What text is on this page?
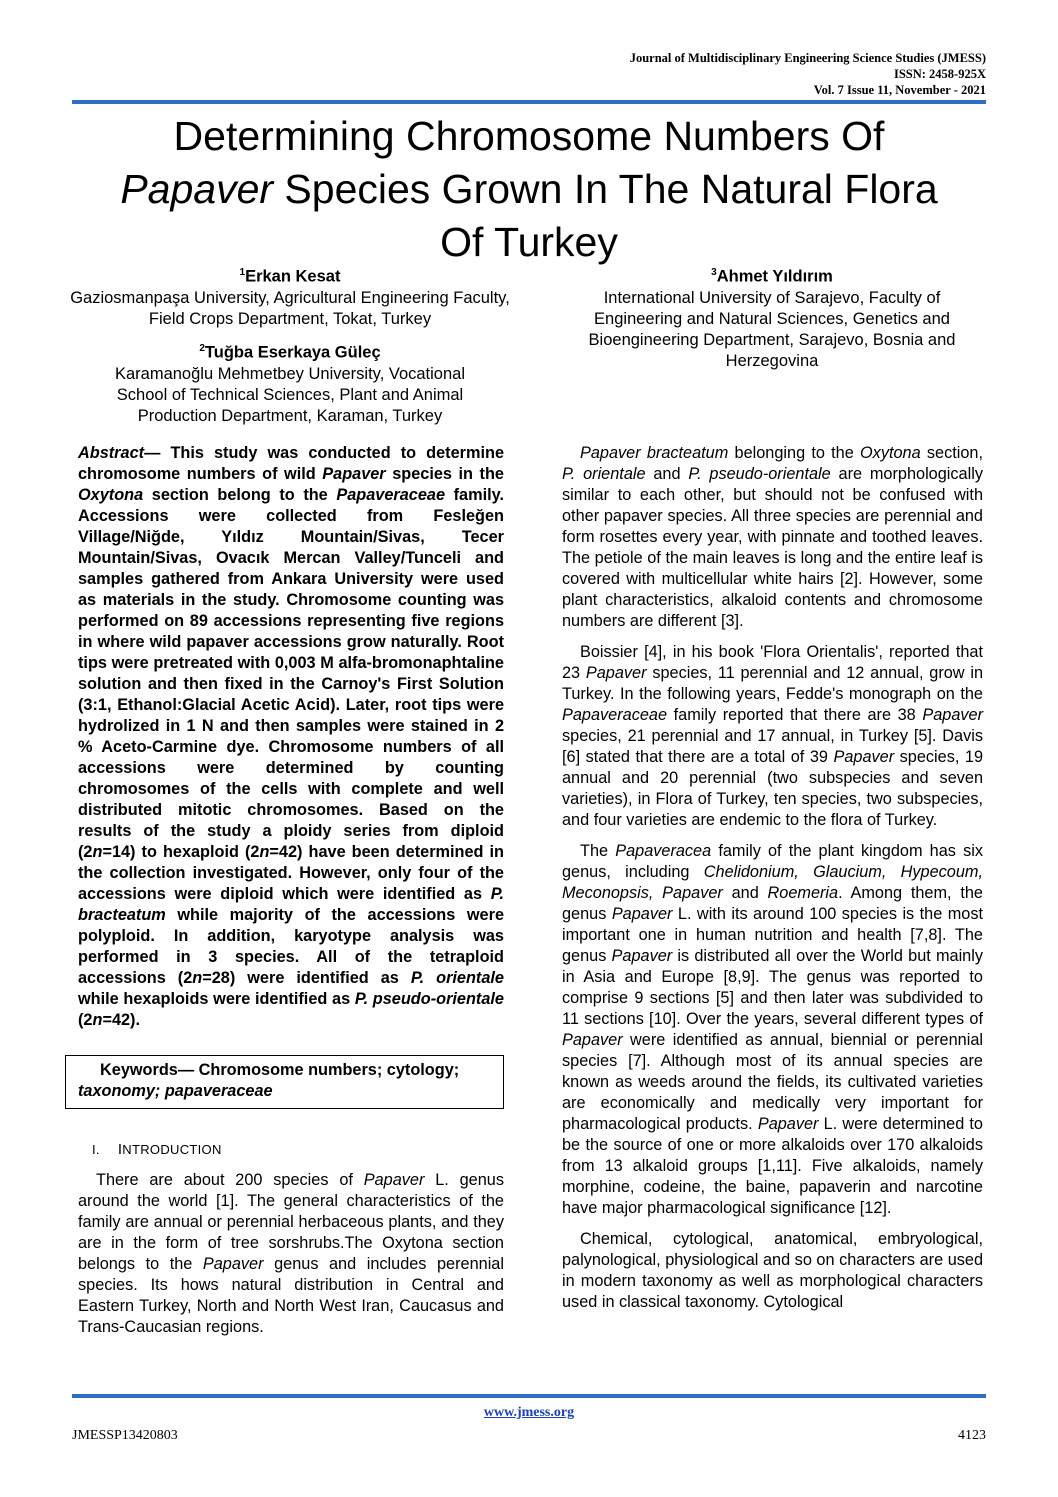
Journal of Multidisciplinary Engineering Science Studies (JMESS)
ISSN: 2458-925X
Vol. 7 Issue 11, November - 2021
Determining Chromosome Numbers Of
Papaver Species Grown In The Natural Flora
Of Turkey
$^1$Erkan Kesat
Gaziosmanpaşa University, Agricultural Engineering Faculty, Field Crops Department, Tokat, Turkey
$^2$Tuğba Eserkaya Güleç
Karamanoğlu Mehmetbey University, Vocational School of Technical Sciences, Plant and Animal Production Department, Karaman, Turkey
$^3$Ahmet Yıldırım
International University of Sarajevo, Faculty of Engineering and Natural Sciences, Genetics and Bioengineering Department, Sarajevo, Bosnia and Herzegovina

Abstract— This study was conducted to determine chromosome numbers of wild Papaver species in the Oxytona section belong to the Papaveraceae family. Accessions were collected from Fesleğen Village/Niğde, Yıldız Mountain/Sivas, Tecer Mountain/Sivas, Ovacık Mercan Valley/Tunceli and samples gathered from Ankara University were used as materials in the study. Chromosome counting was performed on 89 accessions representing five regions in where wild papaver accessions grow naturally. Root tips were pretreated with 0,003 M alfa-bromonaphtaline solution and then fixed in the Carnoy's First Solution (3:1, Ethanol:Glacial Acetic Acid). Later, root tips were hydrolized in 1 N and then samples were stained in 2 % Aceto-Carmine dye. Chromosome numbers of all accessions were determined by counting chromosomes of the cells with complete and well distributed mitotic chromosomes. Based on the results of the study a ploidy series from diploid (2n=14) to hexaploid (2n=42) have been determined in the collection investigated. However, only four of the accessions were diploid which were identified as P. bracteatum while majority of the accessions were polyploid. In addition, karyotype analysis was performed in 3 species. All of the tetraploid accessions (2n=28) were identified as P. orientale while hexaploids were identified as P. pseudo-orientale (2n=42).

Keywords— Chromosome numbers; cytology;
taxonomy; papaveraceae
I. INTRODUCTION

There are about 200 species of Papaver L. genus around the world [1]. The general characteristics of the family are annual or perennial herbaceous plants, and they are in the form of tree sorshrubs.The Oxytona section belongs to the Papaver genus and includes perennial species. Its hows natural distribution in Central and Eastern Turkey, North and North West Iran, Caucasus and Trans-Caucasian regions.

Papaver bracteatum belonging to the Oxytona section, P. orientale and P. pseudo-orientale are morphologically similar to each other, but should not be confused with other papaver species. All three species are perennial and form rosettes every year, with pinnate and toothed leaves. The petiole of the main leaves is long and the entire leaf is covered with multicellular white hairs [2]. However, some plant characteristics, alkaloid contents and chromosome numbers are different [3].

Boissier [4], in his book 'Flora Orientalis', reported that 23 Papaver species, 11 perennial and 12 annual, grow in Turkey. In the following years, Fedde's monograph on the Papaveraceae family reported that there are 38 Papaver species, 21 perennial and 17 annual, in Turkey [5]. Davis [6] stated that there are a total of 39 Papaver species, 19 annual and 20 perennial (two subspecies and seven varieties), in Flora of Turkey, ten species, two subspecies, and four varieties are endemic to the flora of Turkey.

The Papaveracea family of the plant kingdom has six genus, including Chelidonium, Glaucium, Hypecoum, Meconopsis, Papaver and Roemeria. Among them, the genus Papaver L. with its around 100 species is the most important one in human nutrition and health [7,8]. The genus Papaver is distributed all over the World but mainly in Asia and Europe [8,9]. The genus was reported to comprise 9 sections [5] and then later was subdivided to 11 sections [10]. Over the years, several different types of Papaver were identified as annual, biennial or perennial species [7]. Although most of its annual species are known as weeds around the fields, its cultivated varieties are economically and medically very important for pharmacological products. Papaver L. were determined to be the source of one or more alkaloids over 170 alkaloids from 13 alkaloid groups [1,11]. Five alkaloids, namely morphine, codeine, the baine, papaverin and narcotine have major pharmacological significance [12].

Chemical, cytological, anatomical, embryological, palynological, physiological and so on characters are used in modern taxonomy as well as morphological characters used in classical taxonomy. Cytological

www.jmess.org
JMESSP13420803	4123
